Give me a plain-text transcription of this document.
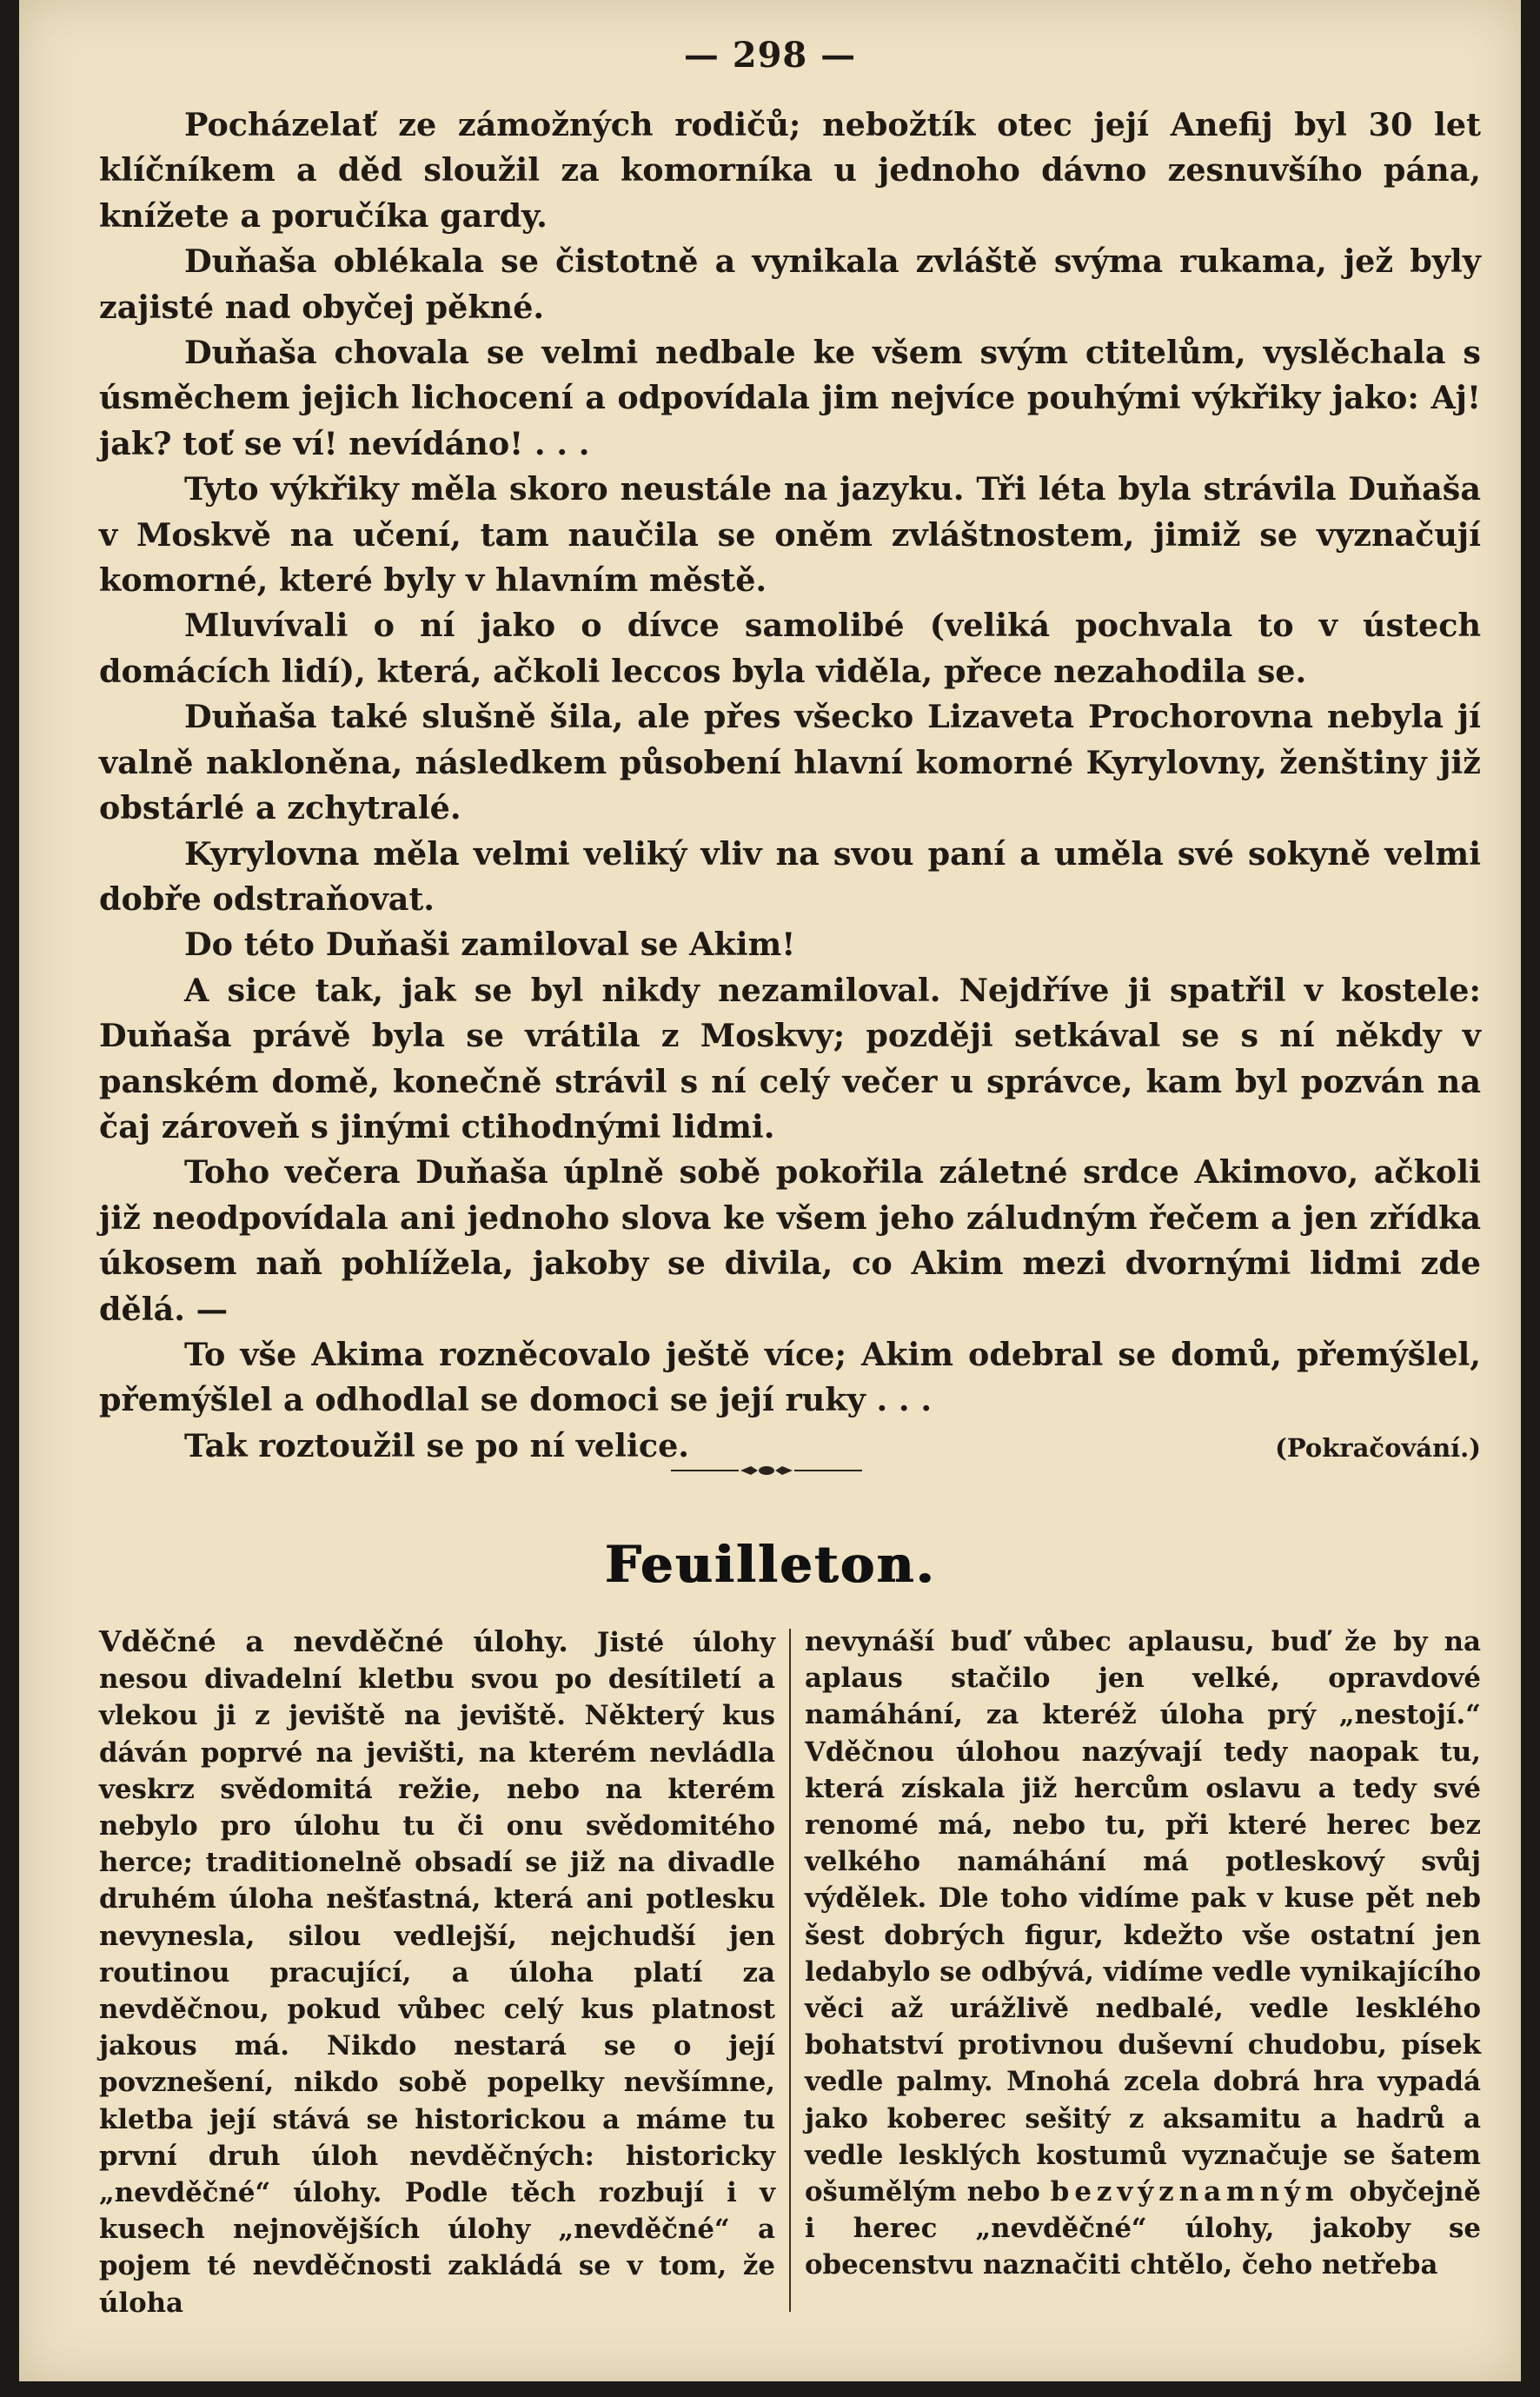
— 298 —

Pocházelať ze zámožných rodičů; nebožtík otec její Anefij byl 30 let klíčníkem a děd sloužil za komorníka u jednoho dávno zesnuvšího pána, knížete a poručíka gardy.

Duňaša oblékala se čistotně a vynikala zvláště svýma rukama, jež byly zajisté nad obyčej pěkné.

Duňaša chovala se velmi nedbale ke všem svým ctitelům, vyslěchala s úsměchem jejich lichocení a odpovídala jim nejvíce pouhými výkřiky jako: Aj! jak? toť se ví! nevídáno! . . .

Tyto výkřiky měla skoro neustále na jazyku. Tři léta byla strávila Duňaša v Moskvě na učení, tam naučila se oněm zvláštnostem, jimiž se vyznačují komorné, které byly v hlavním městě.

Mluvívali o ní jako o dívce samolibé (veliká pochvala to v ústech domácích lidí), která, ačkoli leccos byla viděla, přece nezahodila se.

Duňaša také slušně šila, ale přes všecko Lizaveta Prochorovna nebyla jí valně nakloněna, následkem působení hlavní komorné Kyrylovny, ženštiny již obstárlé a zchytralé.

Kyrylovna měla velmi veliký vliv na svou paní a uměla své sokyně velmi dobře odstraňovat.

Do této Duňaši zamiloval se Akim!

A sice tak, jak se byl nikdy nezamiloval. Nejdříve ji spatřil v kostele: Duňaša právě byla se vrátila z Moskvy; později setkával se s ní někdy v panském domě, konečně strávil s ní celý večer u správce, kam byl pozván na čaj zároveň s jinými ctihodnými lidmi.

Toho večera Duňaša úplně sobě pokořila záletné srdce Akimovo, ačkoli již neodpovídala ani jednoho slova ke všem jeho záludným řečem a jen zřídka úkosem naň pohlížela, jakoby se divila, co Akim mezi dvornými lidmi zde dělá. —

To vše Akima rozněcovalo ještě více; Akim odebral se domů, přemýšlel, přemýšlel a odhodlal se domoci se její ruky . . .

Tak roztoužil se po ní velice.	(Pokračování.)

Feuilleton.

Vděčné a nevděčné úlohy. Jisté úlohy nesou divadelní kletbu svou po desítiletí a vlekou ji z jeviště na jeviště. Některý kus dáván poprvé na jevišti, na kterém nevládla veskrz svědomitá režie, nebo na kterém nebylo pro úlohu tu či onu svědomitého herce; traditionelně obsadí se již na divadle druhém úloha nešťastná, která ani potlesku nevynesla, silou vedlejší, nejchudší jen routinou pracující, a úloha platí za nevděčnou, pokud vůbec celý kus platnost jakous má. Nikdo nestará se o její povznešení, nikdo sobě popelky nevšímne, kletba její stává se historickou a máme tu první druh úloh nevděčných: historicky „nevděčné“ úlohy. Podle těch rozbují i v kusech nejnovějších úlohy „nevděčné“ a pojem té nevděčnosti zakládá se v tom, že úloha

nevynáší buď vůbec aplausu, buď že by na aplaus stačilo jen velké, opravdové namáhání, za kteréž úloha prý „nestojí.“ Vděčnou úlohou nazývají tedy naopak tu, která získala již hercům oslavu a tedy své renomé má, nebo tu, při které herec bez velkého namáhání má potleskový svůj výdělek. Dle toho vidíme pak v kuse pět neb šest dobrých figur, kdežto vše ostatní jen ledabylo se odbývá, vidíme vedle vynikajícího věci až urážlivě nedbalé, vedle lesklého bohatství protivnou duševní chudobu, písek vedle palmy. Mnohá zcela dobrá hra vypadá jako koberec sešitý z aksamitu a hadrů a vedle lesklých kostumů vyznačuje se šatem ošumělým nebo bezvýznamným obyčejně i herec „nevděčné“ úlohy, jakoby se obecenstvu naznačiti chtělo, čeho netřeba
